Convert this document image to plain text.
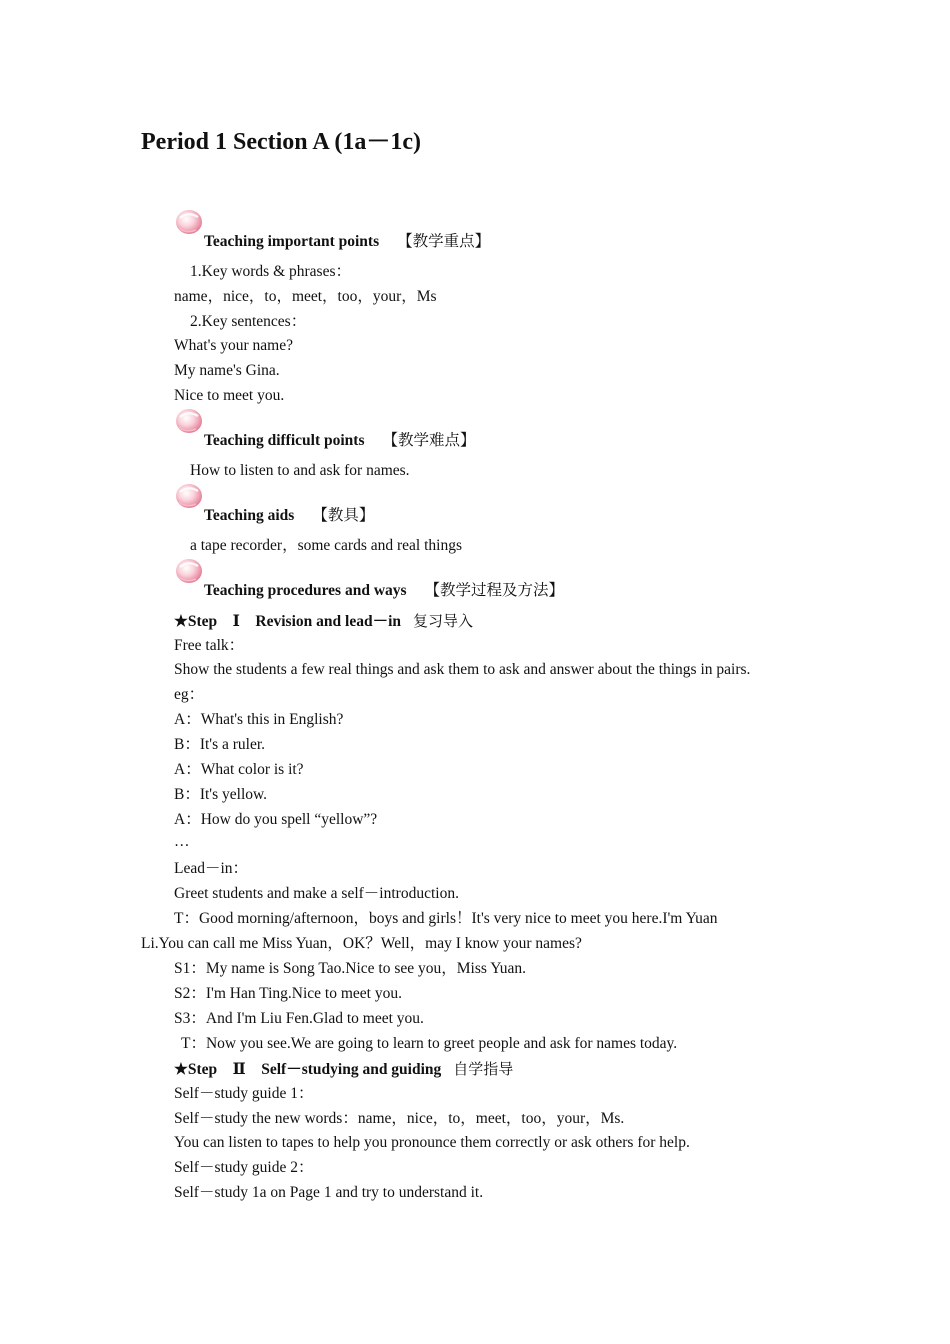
Period 1 Section A (1a－1c)
Teaching important points 【教学重点】
1.Key words & phrases：
name，nice，to，meet，too，your，Ms
2.Key sentences：
What's your name?
My name's Gina.
Nice to meet you.
Teaching difficult points 【教学难点】
How to listen to and ask for names.
Teaching aids 【教具】
a tape recorder，some cards and real things
Teaching procedures and ways 【教学过程及方法】
★Step　Ⅰ　Revision and lead－in 复习导入
Free talk：
Show the students a few real things and ask them to ask and answer about the things in pairs.
eg：
A：What's this in English?
B：It's a ruler.
A：What color is it?
B：It's yellow.
A：How do you spell “yellow”?
…
Lead－in：
Greet students and make a self－introduction.
T：Good morning/afternoon，boys and girls！It's very nice to meet you here.I'm Yuan
Li.You can call me Miss Yuan，OK？Well，may I know your names?
S1：My name is Song Tao.Nice to see you，Miss Yuan.
S2：I'm Han Ting.Nice to meet you.
S3：And I'm Liu Fen.Glad to meet you.
T：Now you see.We are going to learn to greet people and ask for names today.
★Step　Ⅱ　Self－studying and guiding 自学指导
Self－study guide 1：
Self－study the new words：name，nice，to，meet，too，your，Ms.
You can listen to tapes to help you pronounce them correctly or ask others for help.
Self－study guide 2：
Self－study 1a on Page 1 and try to understand it.
